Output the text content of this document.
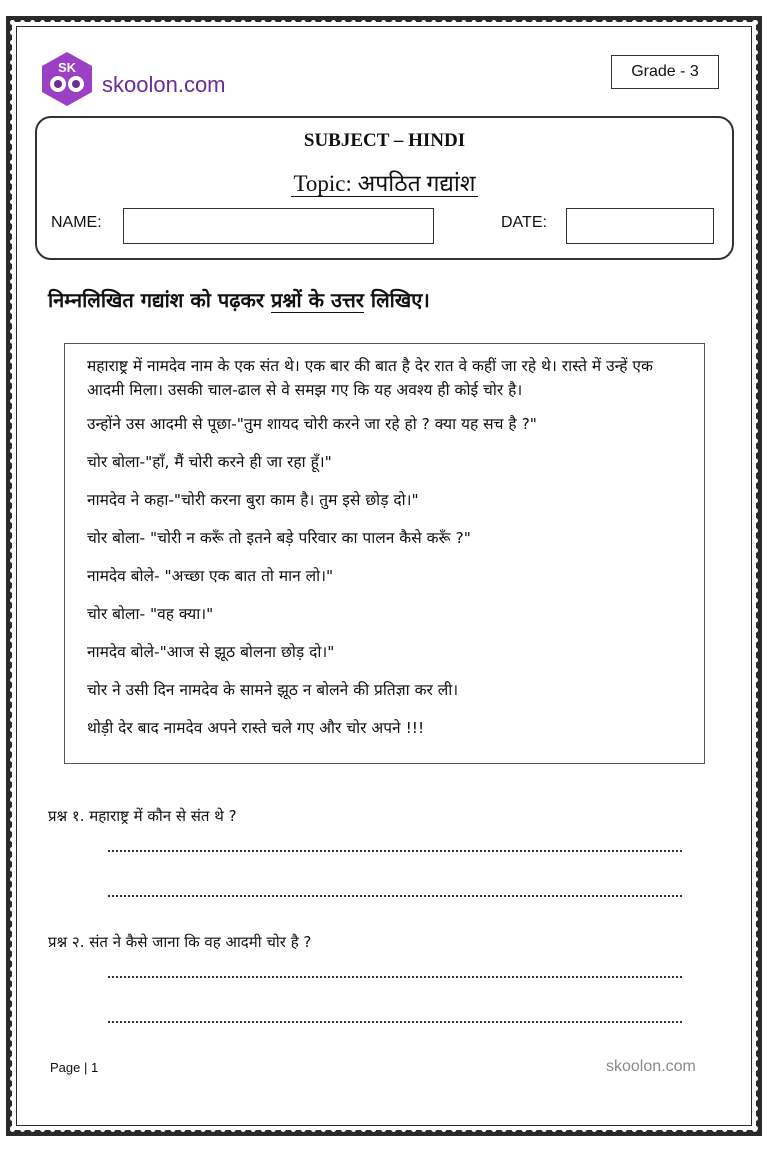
SK
skoolon.com
Grade - 3
SUBJECT – HINDI
Topic: अपठित गद्यांश
NAME:	DATE:
निम्नलिखित गद्यांश को पढ़कर प्रश्नों के उत्तर लिखिए।

महाराष्ट्र में नामदेव नाम के एक संत थे। एक बार की बात है देर रात वे कहीं जा रहे थे। रास्ते में उन्हें एक आदमी मिला। उसकी चाल-ढाल से वे समझ गए कि यह अवश्य ही कोई चोर है।

उन्होंने उस आदमी से पूछा-"तुम शायद चोरी करने जा रहे हो ? क्या यह सच है ?"

चोर बोला-"हाँ, मैं चोरी करने ही जा रहा हूँ।"

नामदेव ने कहा-"चोरी करना बुरा काम है। तुम इसे छोड़ दो।"

चोर बोला- "चोरी न करूँ तो इतने बड़े परिवार का पालन कैसे करूँ ?"

नामदेव बोले- "अच्छा एक बात तो मान लो।"

चोर बोला- "वह क्या।"

नामदेव बोले-"आज से झूठ बोलना छोड़ दो।"

चोर ने उसी दिन नामदेव के सामने झूठ न बोलने की प्रतिज्ञा कर ली।

थोड़ी देर बाद नामदेव अपने रास्ते चले गए और चोर अपने !!!

प्रश्न १. महाराष्ट्र में कौन से संत थे ?
प्रश्न २. संत ने कैसे जाना कि वह आदमी चोर है ?
Page | 1	skoolon.com
